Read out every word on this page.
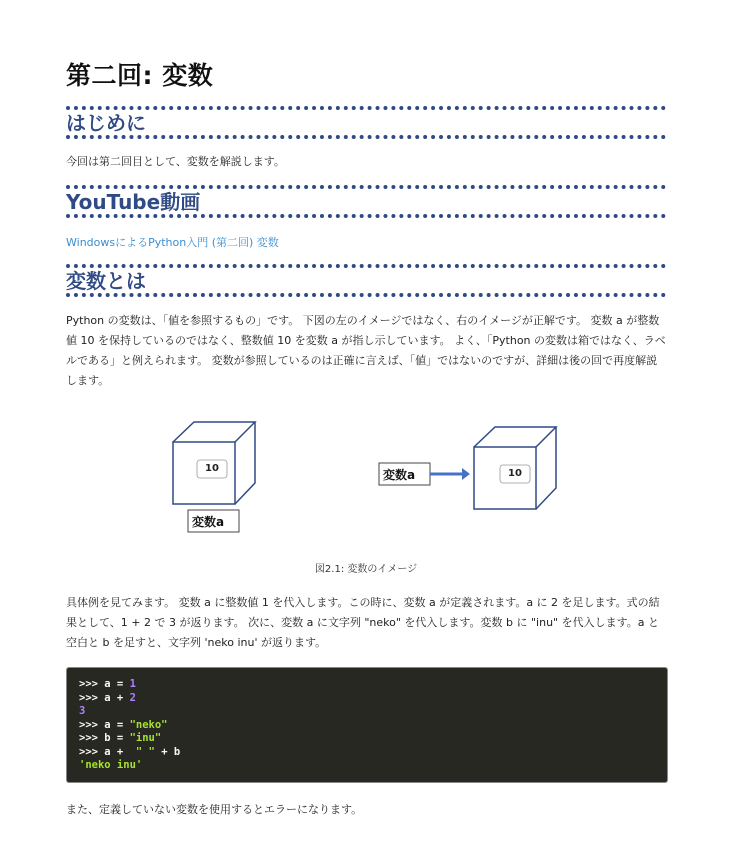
第二回: 変数
はじめに

今回は第二回目として、変数を解説します。

YouTube動画
WindowsによるPython入門 (第二回) 変数
変数とは

Python の変数は、「値を参照するもの」です。 下図の左のイメージではなく、右のイメージが正解です。 変数 a が整数値 10 を保持しているのではなく、整数値 10 を変数 a が指し示しています。 よく、「Python の変数は箱ではなく、ラベルである」と例えられます。 変数が参照しているのは正確に言えば、「値」ではないのですが、詳細は後の回で再度解説します。

10
変数a
変数a	10
図2.1: 変数のイメージ

具体例を見てみます。 変数 a に整数値 1 を代入します。この時に、変数 a が定義されます。a に 2 を足します。式の結果として、1 + 2 で 3 が返ります。 次に、変数 a に文字列 "neko" を代入します。変数 b に "inu" を代入します。a と空白と b を足すと、文字列 'neko inu' が返ります。

>>> a = 1
>>> a + 2
3
>>> a = "neko"
>>> b = "inu"
>>> a +  " " + b
'neko inu'

また、定義していない変数を使用するとエラーになります。
